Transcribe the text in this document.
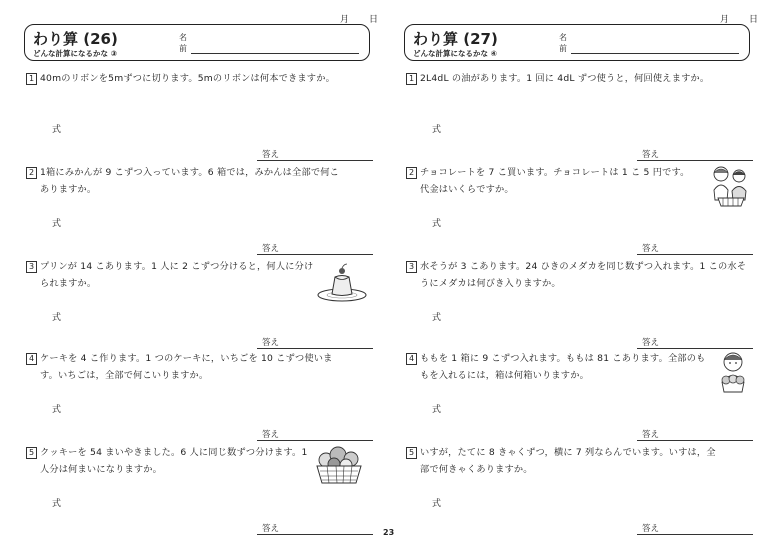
月 日
わり算 (26)
どんな計算になるかな ③
名
前
1 40mのリボンを5mずつに切ります。5mのリボンは何本できますか。
式
答え
2 1箱にみかんが 9 こずつ入っています。6 箱では，みかんは全部で何こありますか。
式
答え
3 プリンが 14 こあります。1 人に 2 こずつ分けると，何人に分けられますか。
式
答え
4 ケーキを 4 こ作ります。1 つのケーキに，いちごを 10 こずつ使います。いちごは，全部で何こいりますか。
式
答え
5 クッキーを 54 まいやきました。6 人に同じ数ずつ分けます。1 人分は何まいになりますか。
式
答え
月 日
わり算 (27)
どんな計算になるかな ④
名
前
1 2L4dL の油があります。1 回に 4dL ずつ使うと，何回使えますか。
式
答え
2 チョコレートを 7 こ買います。チョコレートは 1 こ 5 円です。代金はいくらですか。
式
答え
3 水そうが 3 こあります。24 ひきのメダカを同じ数ずつ入れます。1 この水そうにメダカは何びき入りますか。
式
答え
4 ももを 1 箱に 9 こずつ入れます。ももは 81 こあります。全部のももを入れるには，箱は何箱いりますか。
式
答え
5 いすが，たてに 8 きゃくずつ，横に 7 列ならんでいます。いすは，全部で何きゃくありますか。
式
答え
23
